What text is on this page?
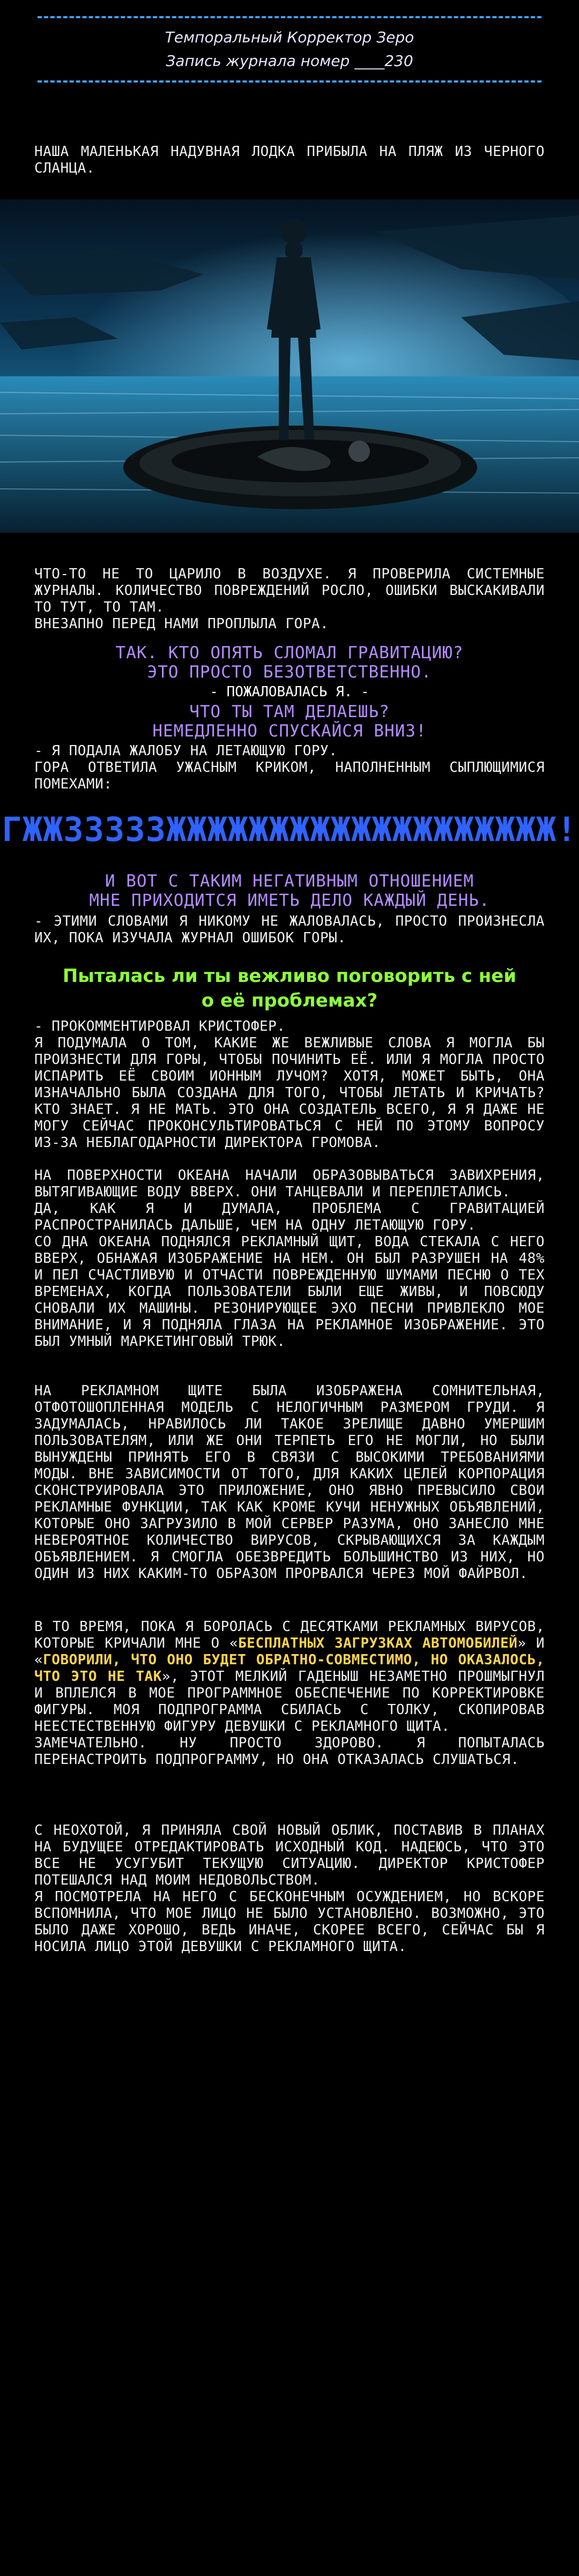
Темпоральный Корректор Зеро
Запись журнала номер ____230

НАША МАЛЕНЬКАЯ НАДУВНАЯ ЛОДКА ПРИБЫЛА НА ПЛЯЖ ИЗ ЧЕРНОГО СЛАНЦА.

ЧТО-ТО НЕ ТО ЦАРИЛО В ВОЗДУХЕ. Я ПРОВЕРИЛА СИСТЕМНЫЕ ЖУРНАЛЫ. КОЛИЧЕСТВО ПОВРЕЖДЕНИЙ РОСЛО, ОШИБКИ ВЫСКАКИВАЛИ ТО ТУТ, ТО ТАМ.

ВНЕЗАПНО ПЕРЕД НАМИ ПРОПЛЫЛА ГОРА.

ТАК. КТО ОПЯТЬ СЛОМАЛ ГРАВИТАЦИЮ?
ЭТО ПРОСТО БЕЗОТВЕТСТВЕННО.
- ПОЖАЛОВАЛАСЬ Я. -
ЧТО ТЫ ТАМ ДЕЛАЕШЬ?
НЕМЕДЛЕННО СПУСКАЙСЯ ВНИЗ!

- Я ПОДАЛА ЖАЛОБУ НА ЛЕТАЮЩУЮ ГОРУ.

ГОРА ОТВЕТИЛА УЖАСНЫМ КРИКОМ, НАПОЛНЕННЫМ СЫПЛЮЩИМИСЯ ПОМЕХАМИ:

ГЖЖЗЗЗЗЗЖЖЖЖЖЖЖЖЖЖЖЖЖЖЖЖЖЖЖ!
И ВОТ С ТАКИМ НЕГАТИВНЫМ ОТНОШЕНИЕМ
МНЕ ПРИХОДИТСЯ ИМЕТЬ ДЕЛО КАЖДЫЙ ДЕНЬ.

- ЭТИМИ СЛОВАМИ Я НИКОМУ НЕ ЖАЛОВАЛАСЬ, ПРОСТО ПРОИЗНЕСЛА ИХ, ПОКА ИЗУЧАЛА ЖУРНАЛ ОШИБОК ГОРЫ.

Пыталась ли ты вежливо поговорить с ней
о её проблемах?

- ПРОКОММЕНТИРОВАЛ КРИСТОФЕР.

Я ПОДУМАЛА О ТОМ, КАКИЕ ЖЕ ВЕЖЛИВЫЕ СЛОВА Я МОГЛА БЫ ПРОИЗНЕСТИ ДЛЯ ГОРЫ, ЧТОБЫ ПОЧИНИТЬ ЕЁ. ИЛИ Я МОГЛА ПРОСТО ИСПАРИТЬ ЕЁ СВОИМ ИОННЫМ ЛУЧОМ? ХОТЯ, МОЖЕТ БЫТЬ, ОНА ИЗНАЧАЛЬНО БЫЛА СОЗДАНА ДЛЯ ТОГО, ЧТОБЫ ЛЕТАТЬ И КРИЧАТЬ? КТО ЗНАЕТ. Я НЕ МАТЬ. ЭТО ОНА СОЗДАТЕЛЬ ВСЕГО, Я Я ДАЖЕ НЕ МОГУ СЕЙЧАС ПРОКОНСУЛЬТИРОВАТЬСЯ С НЕЙ ПО ЭТОМУ ВОПРОСУ ИЗ-ЗА НЕБЛАГОДАРНОСТИ ДИРЕКТОРА ГРОМОВА.

НА ПОВЕРХНОСТИ ОКЕАНА НАЧАЛИ ОБРАЗОВЫВАТЬСЯ ЗАВИХРЕНИЯ, ВЫТЯГИВАЮЩИЕ ВОДУ ВВЕРХ. ОНИ ТАНЦЕВАЛИ И ПЕРЕПЛЕТАЛИСЬ.

ДА, КАК Я И ДУМАЛА, ПРОБЛЕМА С ГРАВИТАЦИЕЙ РАСПРОСТРАНИЛАСЬ ДАЛЬШЕ, ЧЕМ НА ОДНУ ЛЕТАЮЩУЮ ГОРУ.

СО ДНА ОКЕАНА ПОДНЯЛСЯ РЕКЛАМНЫЙ ЩИТ, ВОДА СТЕКАЛА С НЕГО ВВЕРХ, ОБНАЖАЯ ИЗОБРАЖЕНИЕ НА НЕМ. ОН БЫЛ РАЗРУШЕН НА 48% И ПЕЛ СЧАСТЛИВУЮ И ОТЧАСТИ ПОВРЕЖДЕННУЮ ШУМАМИ ПЕСНЮ О ТЕХ ВРЕМЕНАХ, КОГДА ПОЛЬЗОВАТЕЛИ БЫЛИ ЕЩЕ ЖИВЫ, И ПОВСЮДУ СНОВАЛИ ИХ МАШИНЫ. РЕЗОНИРУЮЩЕЕ ЭХО ПЕСНИ ПРИВЛЕКЛО МОЕ ВНИМАНИЕ, И Я ПОДНЯЛА ГЛАЗА НА РЕКЛАМНОЕ ИЗОБРАЖЕНИЕ. ЭТО БЫЛ УМНЫЙ МАРКЕТИНГОВЫЙ ТРЮК.

НА РЕКЛАМНОМ ЩИТЕ БЫЛА ИЗОБРАЖЕНА СОМНИТЕЛЬНАЯ, ОТФОТОШОПЛЕННАЯ МОДЕЛЬ С НЕЛОГИЧНЫМ РАЗМЕРОМ ГРУДИ. Я ЗАДУМАЛАСЬ, НРАВИЛОСЬ ЛИ ТАКОЕ ЗРЕЛИЩЕ ДАВНО УМЕРШИМ ПОЛЬЗОВАТЕЛЯМ, ИЛИ ЖЕ ОНИ ТЕРПЕТЬ ЕГО НЕ МОГЛИ, НО БЫЛИ ВЫНУЖДЕНЫ ПРИНЯТЬ ЕГО В СВЯЗИ С ВЫСОКИМИ ТРЕБОВАНИЯМИ МОДЫ. ВНЕ ЗАВИСИМОСТИ ОТ ТОГО, ДЛЯ КАКИХ ЦЕЛЕЙ КОРПОРАЦИЯ СКОНСТРУИРОВАЛА ЭТО ПРИЛОЖЕНИЕ, ОНО ЯВНО ПРЕВЫСИЛО СВОИ РЕКЛАМНЫЕ ФУНКЦИИ, ТАК КАК КРОМЕ КУЧИ НЕНУЖНЫХ ОБЪЯВЛЕНИЙ, КОТОРЫЕ ОНО ЗАГРУЗИЛО В МОЙ СЕРВЕР РАЗУМА, ОНО ЗАНЕСЛО МНЕ НЕВЕРОЯТНОЕ КОЛИЧЕСТВО ВИРУСОВ, СКРЫВАЮЩИХСЯ ЗА КАЖДЫМ ОБЪЯВЛЕНИЕМ. Я СМОГЛА ОБЕЗВРЕДИТЬ БОЛЬШИНСТВО ИЗ НИХ, НО ОДИН ИЗ НИХ КАКИМ-ТО ОБРАЗОМ ПРОРВАЛСЯ ЧЕРЕЗ МОЙ ФАЙРВОЛ.

В ТО ВРЕМЯ, ПОКА Я БОРОЛАСЬ С ДЕСЯТКАМИ РЕКЛАМНЫХ ВИРУСОВ, КОТОРЫЕ КРИЧАЛИ МНЕ О «БЕСПЛАТНЫХ ЗАГРУЗКАХ АВТОМОБИЛЕЙ» И «ГОВОРИЛИ, ЧТО ОНО БУДЕТ ОБРАТНО-СОВМЕСТИМО, НО ОКАЗАЛОСЬ, ЧТО ЭТО НЕ ТАК», ЭТОТ МЕЛКИЙ ГАДЕНЫШ НЕЗАМЕТНО ПРОШМЫГНУЛ И ВПЛЕЛСЯ В МОЕ ПРОГРАММНОЕ ОБЕСПЕЧЕНИЕ ПО КОРРЕКТИРОВКЕ ФИГУРЫ. МОЯ ПОДПРОГРАММА СБИЛАСЬ С ТОЛКУ, СКОПИРОВАВ НЕЕСТЕСТВЕННУЮ ФИГУРУ ДЕВУШКИ С РЕКЛАМНОГО ЩИТА.

ЗАМЕЧАТЕЛЬНО. НУ ПРОСТО ЗДОРОВО. Я ПОПЫТАЛАСЬ ПЕРЕНАСТРОИТЬ ПОДПРОГРАММУ, НО ОНА ОТКАЗАЛАСЬ СЛУШАТЬСЯ.

С НЕОХОТОЙ, Я ПРИНЯЛА СВОЙ НОВЫЙ ОБЛИК, ПОСТАВИВ В ПЛАНАХ НА БУДУЩЕЕ ОТРЕДАКТИРОВАТЬ ИСХОДНЫЙ КОД. НАДЕЮСЬ, ЧТО ЭТО ВСЕ НЕ УСУГУБИТ ТЕКУЩУЮ СИТУАЦИЮ. ДИРЕКТОР КРИСТОФЕР ПОТЕШАЛСЯ НАД МОИМ НЕДОВОЛЬСТВОМ.

Я ПОСМОТРЕЛА НА НЕГО С БЕСКОНЕЧНЫМ ОСУЖДЕНИЕМ, НО ВСКОРЕ ВСПОМНИЛА, ЧТО МОЕ ЛИЦО НЕ БЫЛО УСТАНОВЛЕНО. ВОЗМОЖНО, ЭТО БЫЛО ДАЖЕ ХОРОШО, ВЕДЬ ИНАЧЕ, СКОРЕЕ ВСЕГО, СЕЙЧАС БЫ Я НОСИЛА ЛИЦО ЭТОЙ ДЕВУШКИ С РЕКЛАМНОГО ЩИТА.
